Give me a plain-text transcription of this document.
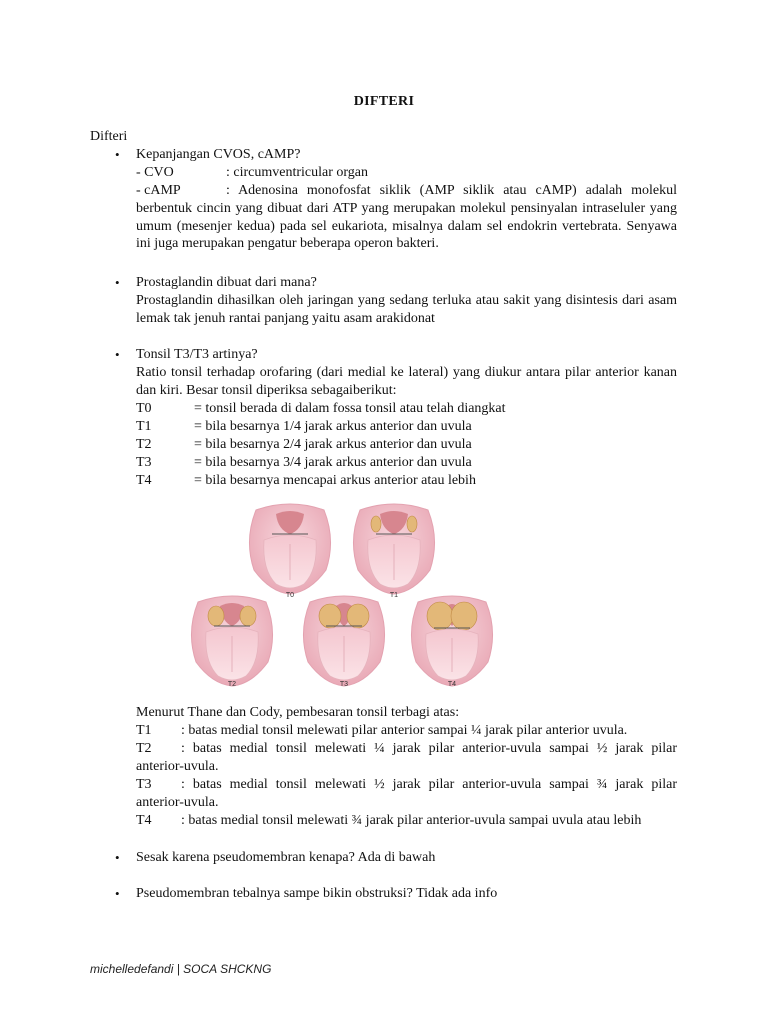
DIFTERI
Difteri
• Kepanjangan CVOS, cAMP?
- CVO	: circumventricular organ
- cAMP	: Adenosina monofosfat siklik (AMP siklik atau cAMP) adalah molekul
berbentuk cincin yang dibuat dari ATP yang merupakan molekul pensinyalan intraseluler yang umum (mesenjer kedua) pada sel eukariota, misalnya dalam sel endokrin vertebrata. Senyawa ini juga merupakan pengatur beberapa operon bakteri.
• Prostaglandin dibuat dari mana?
Prostaglandin dihasilkan oleh jaringan yang sedang terluka atau sakit yang disintesis dari asam lemak tak jenuh rantai panjang yaitu asam arakidonat
• Tonsil T3/T3 artinya?
Ratio tonsil terhadap orofaring (dari medial ke lateral) yang diukur antara pilar anterior kanan dan kiri. Besar tonsil diperiksa sebagaiberikut:
T0	= tonsil berada di dalam fossa tonsil atau telah diangkat
T1	= bila besarnya 1/4 jarak arkus anterior dan uvula
T2	= bila besarnya 2/4 jarak arkus anterior dan uvula
T3	= bila besarnya 3/4 jarak arkus anterior dan uvula
T4	= bila besarnya mencapai arkus anterior atau lebih
T0	T1
T2	T3	T4
Menurut Thane dan Cody, pembesaran tonsil terbagi atas:
T1 : batas medial tonsil melewati pilar anterior sampai ¼ jarak pilar anterior uvula.
T2 : batas medial tonsil melewati ¼ jarak pilar anterior-uvula sampai ½ jarak pilar
anterior-uvula.
T3 : batas medial tonsil melewati ½ jarak pilar anterior-uvula sampai ¾ jarak pilar
anterior-uvula.
T4 : batas medial tonsil melewati ¾ jarak pilar anterior-uvula sampai uvula atau lebih
• Sesak karena pseudomembran kenapa? Ada di bawah
• Pseudomembran tebalnya sampe bikin obstruksi? Tidak ada info
michelledefandi | SOCA SHCKNG
